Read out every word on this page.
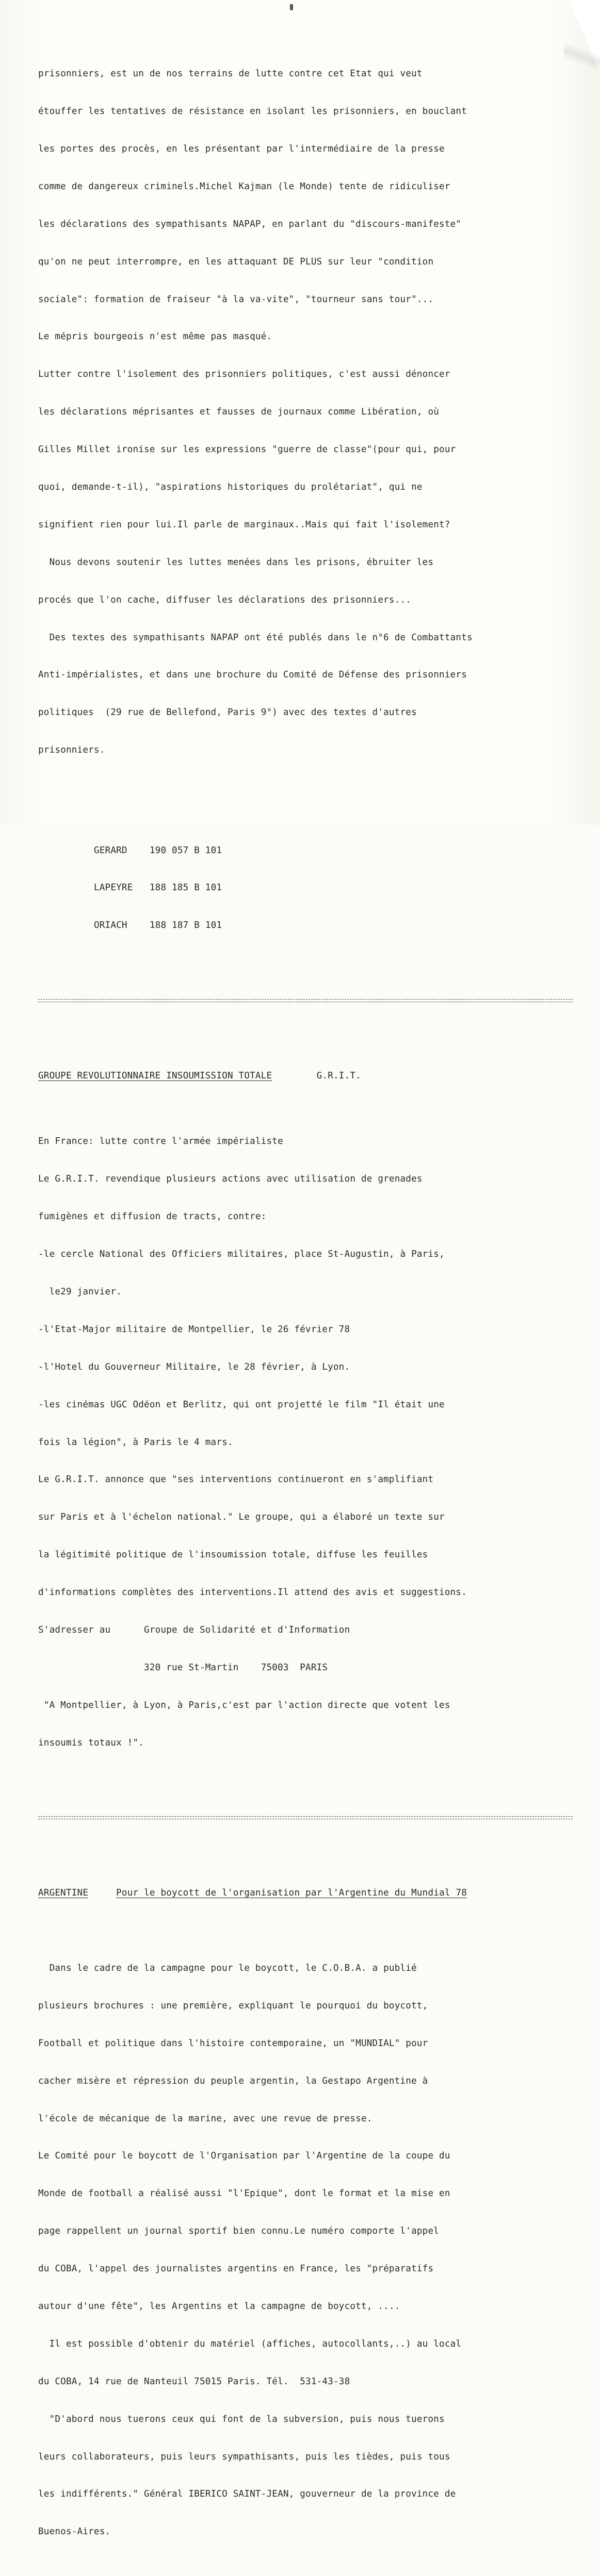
prisonniers, est un de nos terrains de lutte contre cet Etat qui veut

étouffer les tentatives de résistance en isolant les prisonniers, en bouclant

les portes des procès, en les présentant par l'intermédiaire de la presse

comme de dangereux criminels.Michel Kajman (le Monde) tente de ridiculiser

les déclarations des sympathisants NAPAP, en parlant du "discours-manifeste"

qu'on ne peut interrompre, en les attaquant DE PLUS sur leur "condition

sociale": formation de fraiseur "à la va-vite", "tourneur sans tour"...

Le mépris bourgeois n'est même pas masqué.

Lutter contre l'isolement des prisonniers politiques, c'est aussi dénoncer

les déclarations méprisantes et fausses de journaux comme Libération, où

Gilles Millet ironise sur les expressions "guerre de classe"(pour qui, pour

quoi, demande-t-il), "aspirations historiques du prolétariat", qui ne

signifient rien pour lui.Il parle de marginaux..Mais qui fait l'isolement?

Nous devons soutenir les luttes menées dans les prisons, ébruiter les

procés que l'on cache, diffuser les déclarations des prisonniers...

Des textes des sympathisants NAPAP ont été publés dans le n°6 de Combattants

Anti-impérialistes, et dans une brochure du Comité de Défense des prisonniers

politiques  (29 rue de Bellefond, Paris 9°) avec des textes d'autres

prisonniers.

GERARD 190 057 B 101

LAPEYRE 188 185 B 101

ORIACH 188 187 B 101

GROUPE REVOLUTIONNAIRE INSOUMISSION TOTALE	G.R.I.T.

En France: lutte contre l'armée impérialiste

Le G.R.I.T. revendique plusieurs actions avec utilisation de grenades

fumigènes et diffusion de tracts, contre:

-le cercle National des Officiers militaires, place St-Augustin, à Paris,

le29 janvier.

-l'Etat-Major militaire de Montpellier, le 26 février 78

-l'Hotel du Gouverneur Militaire, le 28 février, à Lyon.

-les cinémas UGC Odéon et Berlitz, qui ont projetté le film "Il était une

fois la légion", à Paris le 4 mars.

Le G.R.I.T. annonce que "ses interventions continueront en s'amplifiant

sur Paris et à l'échelon national." Le groupe, qui a élaboré un texte sur

la légitimité politique de l'insoumission totale, diffuse les feuilles

d'informations complètes des interventions.Il attend des avis et suggestions.

S'adresser au      Groupe de Solidarité et d'Information

320 rue St-Martin    75003  PARIS

"A Montpellier, à Lyon, à Paris,c'est par l'action directe que votent les

insoumis totaux !".

ARGENTINE	Pour le boycott de l'organisation par l'Argentine du Mundial 78

Dans le cadre de la campagne pour le boycott, le C.O.B.A. a publié

plusieurs brochures : une première, expliquant le pourquoi du boycott,

Football et politique dans l'histoire contemporaine, un "MUNDIAL" pour

cacher misère et répression du peuple argentin, la Gestapo Argentine à

l'école de mécanique de la marine, avec une revue de presse.

Le Comité pour le boycott de l'Organisation par l'Argentine de la coupe du

Monde de football a réalisé aussi "l'Epique", dont le format et la mise en

page rappellent un journal sportif bien connu.Le numéro comporte l'appel

du COBA, l'appel des journalistes argentins en France, les "préparatifs

autour d'une fête", les Argentins et la campagne de boycott, ....

Il est possible d'obtenir du matériel (affiches, autocollants,..) au local

du COBA, 14 rue de Nanteuil 75015 Paris. Tél.  531-43-38

"D'abord nous tuerons ceux qui font de la subversion, puis nous tuerons

leurs collaborateurs, puis leurs sympathisants, puis les tièdes, puis tous

les indifférents." Général IBERICO SAINT-JEAN, gouverneur de la province de

Buenos-Aires.
